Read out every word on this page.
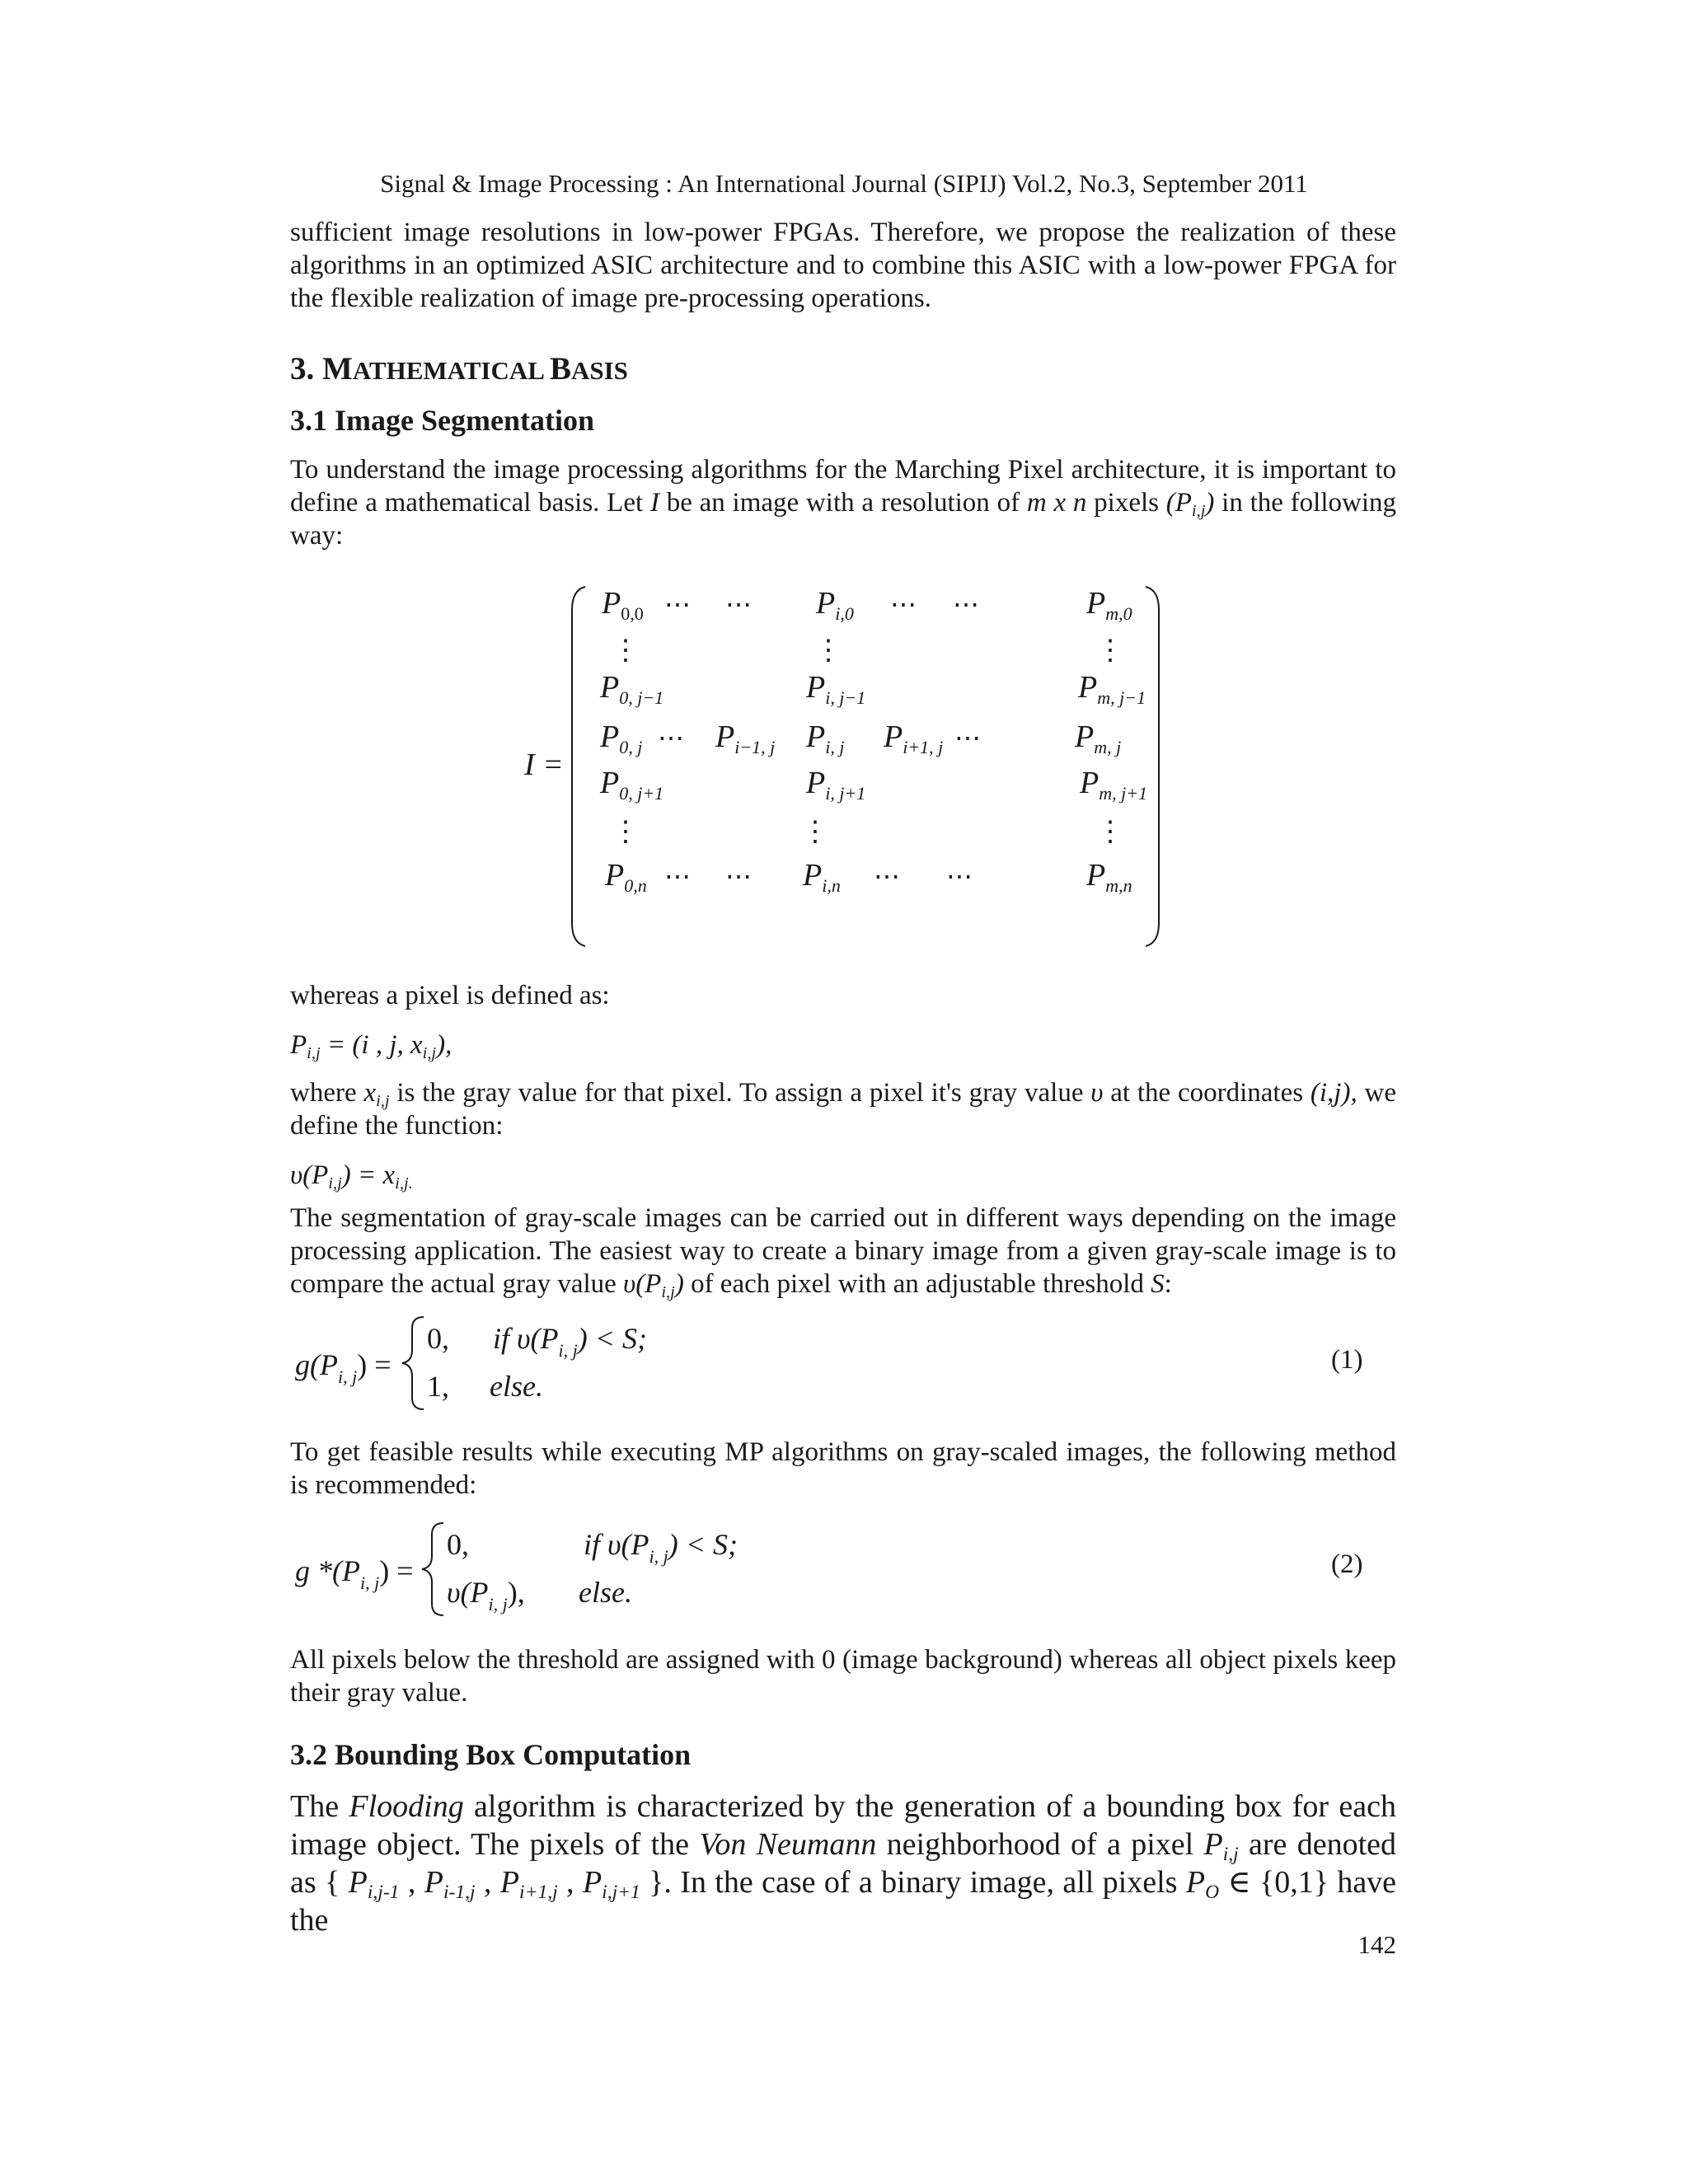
Signal & Image Processing : An International Journal (SIPIJ) Vol.2, No.3, September 2011
sufficient image resolutions in low-power FPGAs. Therefore, we propose the realization of these algorithms in an optimized ASIC architecture and to combine this ASIC with a low-power FPGA for the flexible realization of image pre-processing operations.
3. MATHEMATICAL BASIS
3.1 Image Segmentation
To understand the image processing algorithms for the Marching Pixel architecture, it is important to define a mathematical basis. Let I be an image with a resolution of m x n pixels $(P_{i,j})$ in the following way:
I =
P0,0 ⋯ ⋯ Pi,0 ⋯ ⋯	Pm,0
⋮	⋮	⋮
P0, j−1	Pi, j−1	Pm, j−1
P0, j ⋯ Pi−1, j Pi, j Pi+1, j ⋯	Pm, j
P0, j+1	Pi, j+1	Pm, j+1
⋮	⋮	⋮
P0,n ⋯ ⋯ Pi,n ⋯ ⋯	Pm,n
whereas a pixel is defined as:
$P_{i,j} = (i$ , j, $x_{i,j}$),
where $x_{i,j}$ is the gray value for that pixel. To assign a pixel it's gray value υ at the coordinates (i,j), we define the function:
$\upsilon(P_{i,j}) = x_{i,j.}$
The segmentation of gray-scale images can be carried out in different ways depending on the image processing application. The easiest way to create a binary image from a given gray-scale image is to compare the actual gray value $\upsilon(P_{i,j})$ of each pixel with an adjustable threshold S:
g(Pi, j) =
0, if υ(Pi, j) < S;
1, else.
(1)
To get feasible results while executing MP algorithms on gray-scaled images, the following method is recommended:
g *(Pi, j) =
0,	if υ(Pi, j) < S;
υ(Pi, j), else.
(2)
All pixels below the threshold are assigned with 0 (image background) whereas all object pixels keep their gray value.
3.2 Bounding Box Computation
The Flooding algorithm is characterized by the generation of a bounding box for each image object. The pixels of the Von Neumann neighborhood of a pixel $P_{i,j}$ are denoted as { $P_{i,j-1}$ , $P_{i-1,j}$ , $P_{i+1,j}$ , $P_{i,j+1}$ }. In the case of a binary image, all pixels $P_O$ ∈ {0,1} have the
142
